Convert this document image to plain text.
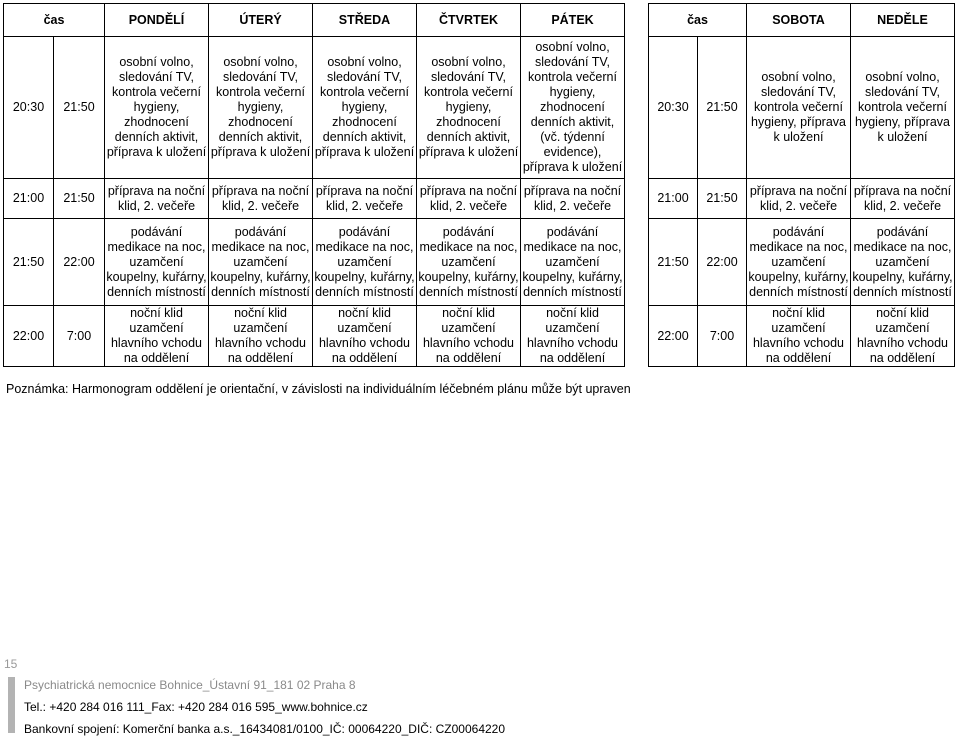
čas		PONDĚLÍ	ÚTERÝ	STŘEDA	ČTVRTEK	PÁTEK
20:30	21:50	osobní volno, sledování TV, kontrola večerní hygieny, zhodnocení denních aktivit, příprava k uložení	osobní volno, sledování TV, kontrola večerní hygieny, zhodnocení denních aktivit, příprava k uložení	osobní volno, sledování TV, kontrola večerní hygieny, zhodnocení denních aktivit, příprava k uložení	osobní volno, sledování TV, kontrola večerní hygieny, zhodnocení denních aktivit, příprava k uložení	osobní volno, sledování TV, kontrola večerní hygieny, zhodnocení denních aktivit, (vč. týdenní evidence), příprava k uložení
21:00	21:50	příprava na noční klid, 2. večeře	příprava na noční klid, 2. večeře	příprava na noční klid, 2. večeře	příprava na noční klid, 2. večeře	příprava na noční klid, 2. večeře
21:50	22:00	podávání medikace na noc, uzamčení koupelny, kuřárny, denních místností	podávání medikace na noc, uzamčení koupelny, kuřárny, denních místností	podávání medikace na noc, uzamčení koupelny, kuřárny, denních místností	podávání medikace na noc, uzamčení koupelny, kuřárny, denních místností	podávání medikace na noc, uzamčení koupelny, kuřárny, denních místností
22:00	7:00	noční klid uzamčení hlavního vchodu na oddělení	noční klid uzamčení hlavního vchodu na oddělení	noční klid uzamčení hlavního vchodu na oddělení	noční klid uzamčení hlavního vchodu na oddělení	noční klid uzamčení hlavního vchodu na oddělení
čas		SOBOTA	NEDĚLE
20:30	21:50	osobní volno, sledování TV, kontrola večerní hygieny, příprava k uložení	osobní volno, sledování TV, kontrola večerní hygieny, příprava k uložení
21:00	21:50	příprava na noční klid, 2. večeře	příprava na noční klid, 2. večeře
21:50	22:00	podávání medikace na noc, uzamčení koupelny, kuřárny, denních místností	podávání medikace na noc, uzamčení koupelny, kuřárny, denních místností
22:00	7:00	noční klid uzamčení hlavního vchodu na oddělení	noční klid uzamčení hlavního vchodu na oddělení
Poznámka: Harmonogram oddělení je orientační, v závislosti na individuálním léčebném plánu může být upraven
15
Psychiatrická nemocnice Bohnice_Ústavní 91_181 02 Praha 8
Tel.: +420 284 016 111_Fax: +420 284 016 595_www.bohnice.cz
Bankovní spojení: Komerční banka a.s._16434081/0100_IČ: 00064220_DIČ: CZ00064220
